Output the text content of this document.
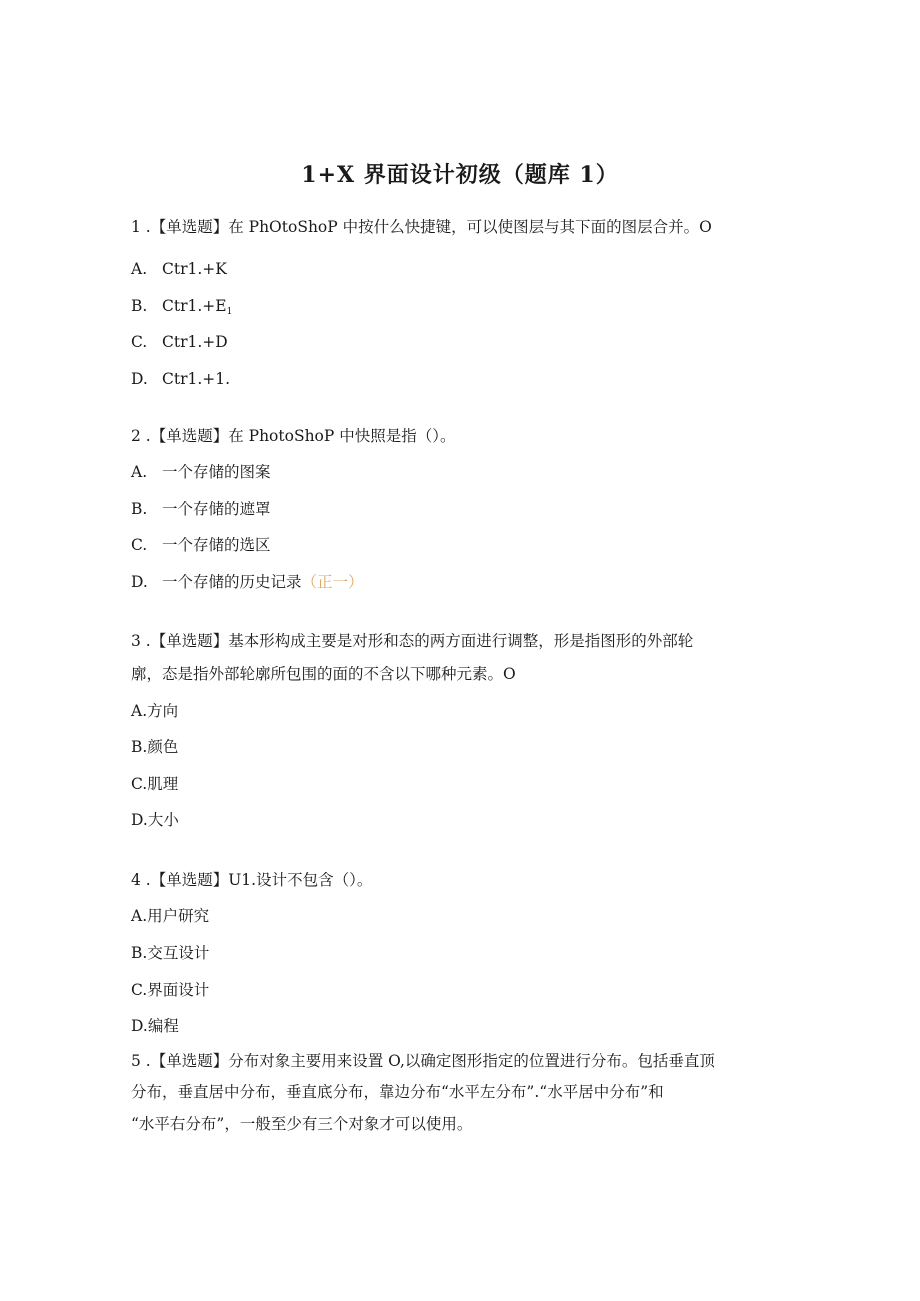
1+X 界面设计初级（题库 1）
1 .【单选题】在 PhOtoShoP 中按什么快捷键，可以使图层与其下面的图层合并。O
A. Ctr1.+K
B. $Ctr1.+E_1$
C. Ctr1.+D
D. Ctr1.+1.
2 .【单选题】在 PhotoShoP 中快照是指（）。
A. 一个存储的图案
B. 一个存储的遮罩
C. 一个存储的选区
D. 一个存储的历史记录（正一）
3 .【单选题】基本形构成主要是对形和态的两方面进行调整，形是指图形的外部轮
廓，态是指外部轮廓所包围的面的不含以下哪种元素。O
A.方向
B.颜色
C.肌理
D.大小
4 .【单选题】U1.设计不包含（）。
A.用户研究
B.交互设计
C.界面设计
D.编程
5 .【单选题】分布对象主要用来设置 O,以确定图形指定的位置进行分布。包括垂直顶
分布，垂直居中分布，垂直底分布，靠边分布“水平左分布”.“水平居中分布”和
“水平右分布”，一般至少有三个对象才可以使用。
